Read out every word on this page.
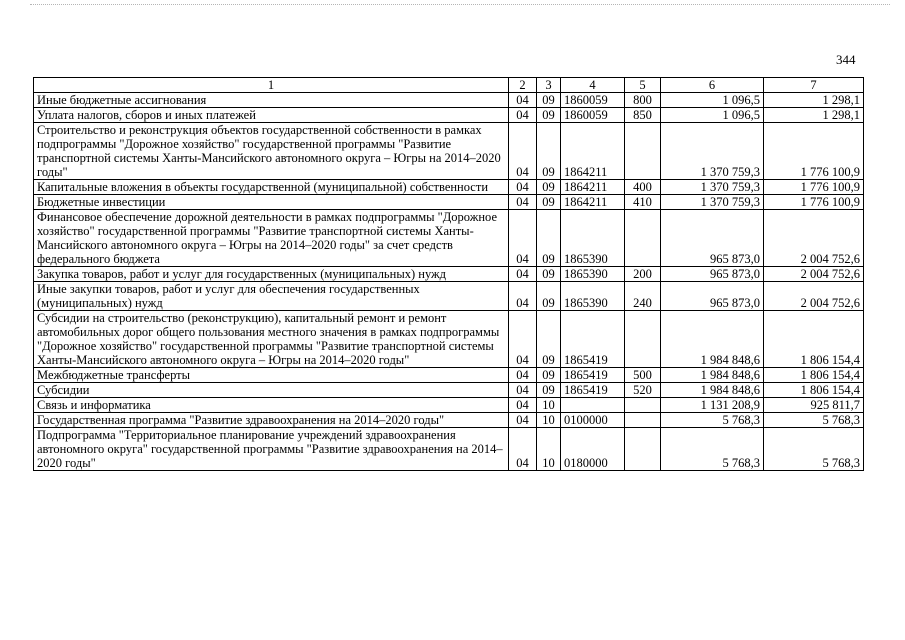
344
1	2	3	4	5	6	7
Иные бюджетные ассигнования	04	09	1860059	800	1 096,5	1 298,1
Уплата налогов, сборов и иных платежей	04	09	1860059	850	1 096,5	1 298,1
Строительство и реконструкция объектов государственной собственности в рамках подпрограммы "Дорожное хозяйство" государственной программы "Развитие транспортной системы Ханты-Мансийского автономного округа – Югры на 2014–2020 годы"	04	09	1864211		1 370 759,3	1 776 100,9
Капитальные вложения в объекты государственной (муниципальной) собственности	04	09	1864211	400	1 370 759,3	1 776 100,9
Бюджетные инвестиции	04	09	1864211	410	1 370 759,3	1 776 100,9
Финансовое обеспечение дорожной деятельности в рамках подпрограммы "Дорожное хозяйство" государственной программы "Развитие транспортной системы Ханты-Мансийского автономного округа – Югры на 2014–2020 годы" за счет средств федерального бюджета	04	09	1865390		965 873,0	2 004 752,6
Закупка товаров, работ и услуг для государственных (муниципальных) нужд	04	09	1865390	200	965 873,0	2 004 752,6
Иные закупки товаров, работ и услуг для обеспечения государственных (муниципальных) нужд	04	09	1865390	240	965 873,0	2 004 752,6
Субсидии на строительство (реконструкцию), капитальный ремонт и ремонт автомобильных дорог общего пользования местного значения в рамках подпрограммы "Дорожное хозяйство" государственной программы "Развитие транспортной системы Ханты-Мансийского автономного округа – Югры на 2014–2020 годы"	04	09	1865419		1 984 848,6	1 806 154,4
Межбюджетные трансферты	04	09	1865419	500	1 984 848,6	1 806 154,4
Субсидии	04	09	1865419	520	1 984 848,6	1 806 154,4
Связь и информатика	04	10			1 131 208,9	925 811,7
Государственная программа "Развитие здравоохранения на 2014–2020 годы"	04	10	0100000		5 768,3	5 768,3
Подпрограмма "Территориальное планирование учреждений здравоохранения автономного округа" государственной программы "Развитие здравоохранения на 2014–2020 годы"	04	10	0180000		5 768,3	5 768,3
